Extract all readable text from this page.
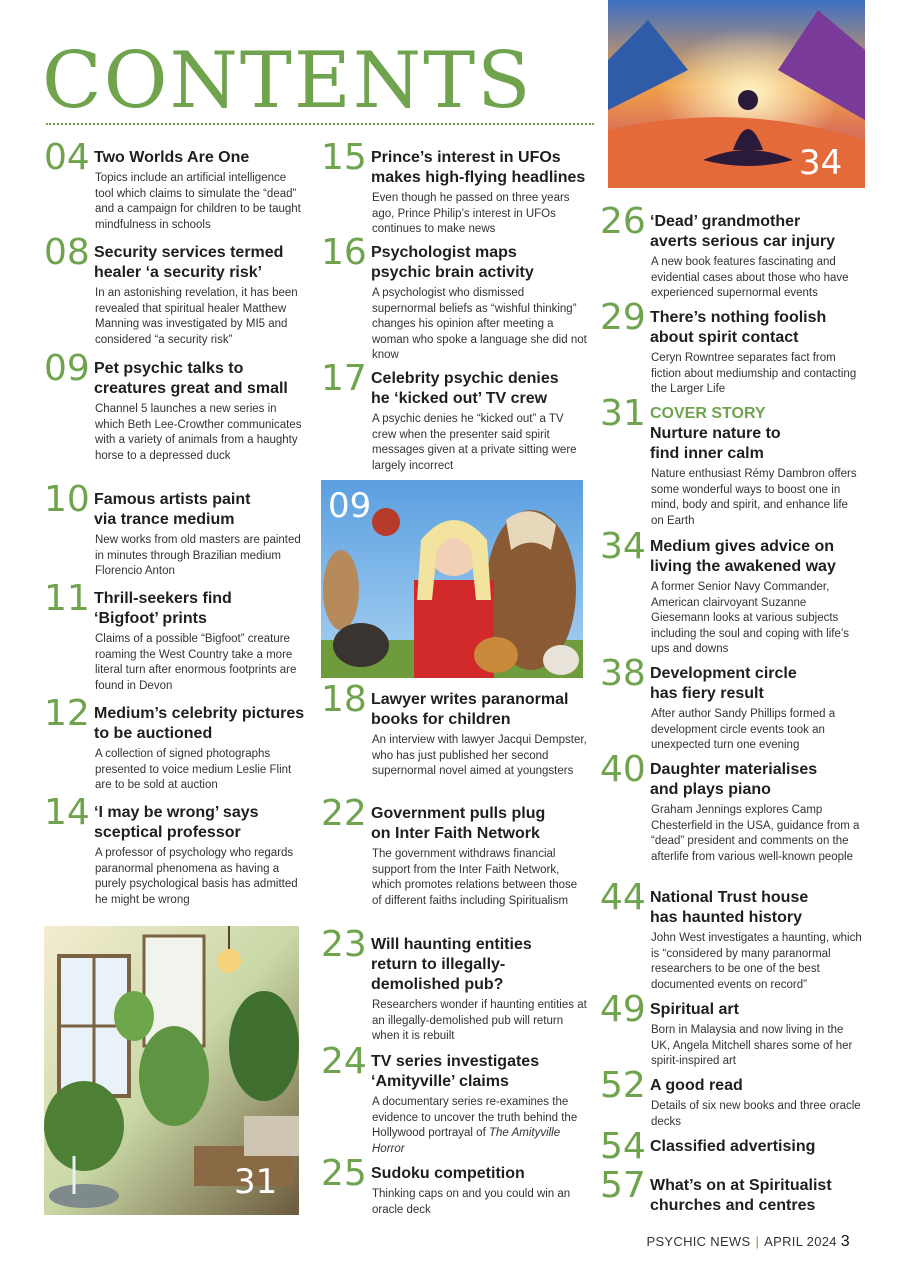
CONTENTS
04 Two Worlds Are One
Topics include an artificial intelligence tool which claims to simulate the “dead” and a campaign for children to be taught mindfulness in schools
08 Security services termed
healer ‘a security risk’
In an astonishing revelation, it has been revealed that spiritual healer Matthew Manning was investigated by MI5 and considered “a security risk”
09 Pet psychic talks to
creatures great and small
Channel 5 launches a new series in which Beth Lee-Crowther communicates with a variety of animals from a haughty horse to a depressed duck
10 Famous artists paint
via trance medium
New works from old masters are painted in minutes through Brazilian medium Florencio Anton
11 Thrill-seekers find
‘Bigfoot’ prints
Claims of a possible “Bigfoot” creature roaming the West Country take a more literal turn after enormous footprints are found in Devon
12 Medium’s celebrity pictures
to be auctioned
A collection of signed photographs presented to voice medium Leslie Flint are to be sold at auction
14 ‘I may be wrong’ says
sceptical professor
A professor of psychology who regards paranormal phenomena as having a purely psychological basis has admitted he might be wrong
31
15 Prince’s interest in UFOs
makes high-flying headlines
Even though he passed on three years ago, Prince Philip’s interest in UFOs continues to make news
16 Psychologist maps
psychic brain activity
A psychologist who dismissed supernormal beliefs as “wishful thinking” changes his opinion after meeting a woman who spoke a language she did not know
17 Celebrity psychic denies
he ‘kicked out’ TV crew
A psychic denies he “kicked out” a TV crew when the presenter said spirit messages given at a private sitting were largely incorrect
09
18 Lawyer writes paranormal
books for children
An interview with lawyer Jacqui Dempster, who has just published her second supernormal novel aimed at youngsters
22 Government pulls plug
on Inter Faith Network
The government withdraws financial support from the Inter Faith Network, which promotes relations between those of different faiths including Spiritualism
23 Will haunting entities
return to illegally-
demolished pub?
Researchers wonder if haunting entities at an illegally-demolished pub will return when it is rebuilt
24 TV series investigates
‘Amityville’ claims
A documentary series re-examines the evidence to uncover the truth behind the Hollywood portrayal of The Amityville Horror
25 Sudoku competition
Thinking caps on and you could win an oracle deck
34
26 ‘Dead’ grandmother
averts serious car injury
A new book features fascinating and evidential cases about those who have experienced supernormal events
29 There’s nothing foolish
about spirit contact
Ceryn Rowntree separates fact from fiction about mediumship and contacting the Larger Life
31 COVER STORY
Nurture nature to
find inner calm
Nature enthusiast Rémy Dambron offers some wonderful ways to boost one in mind, body and spirit, and enhance life on Earth
34 Medium gives advice on
living the awakened way
A former Senior Navy Commander, American clairvoyant Suzanne Giesemann looks at various subjects including the soul and coping with life’s ups and downs
38 Development circle
has fiery result
After author Sandy Phillips formed a development circle events took an unexpected turn one evening
40 Daughter materialises
and plays piano
Graham Jennings explores Camp Chesterfield in the USA, guidance from a “dead” president and comments on the afterlife from various well-known people
44 National Trust house
has haunted history
John West investigates a haunting, which is “considered by many paranormal researchers to be one of the best documented events on record”
49 Spiritual art
Born in Malaysia and now living in the UK, Angela Mitchell shares some of her spirit-inspired art
52 A good read
Details of six new books and three oracle decks
54 Classified advertising
57 What’s on at Spiritualist
churches and centres
PSYCHIC NEWS | APRIL 2024 3
